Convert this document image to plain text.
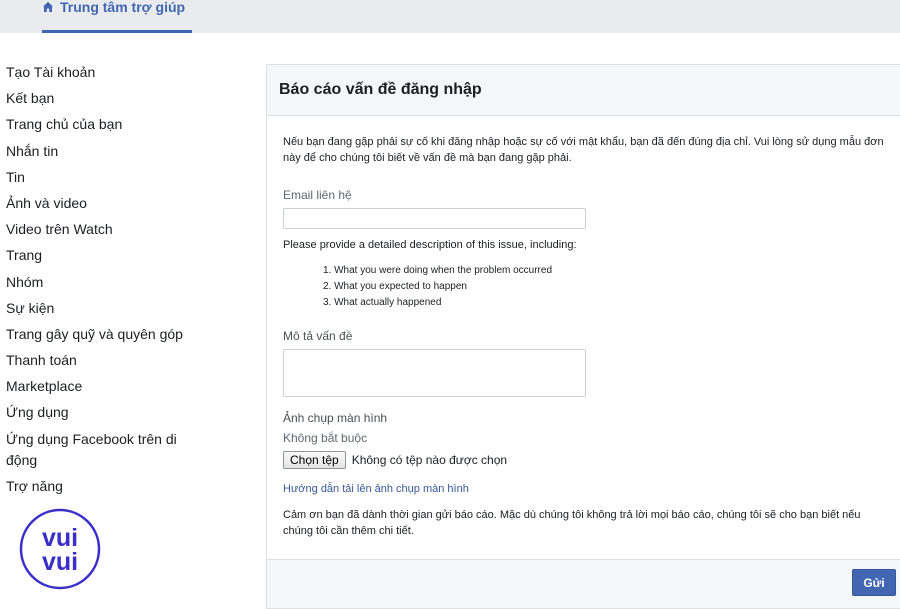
Trung tâm trợ giúp
Tạo Tài khoản
Kết bạn
Trang chủ của bạn
Nhắn tin
Tin
Ảnh và video
Video trên Watch
Trang
Nhóm
Sự kiện
Trang gây quỹ và quyên góp
Thanh toán
Marketplace
Ứng dụng
Ứng dụng Facebook trên di động
Trợ năng
vui
vui
Báo cáo vấn đề đăng nhập

Nếu bạn đang gặp phải sự cố khi đăng nhập hoặc sự cố với mật khẩu, bạn đã đến đúng địa chỉ. Vui lòng sử dụng mẫu đơn này để cho chúng tôi biết về vấn đề mà bạn đang gặp phải.

Email liên hệ

Please provide a detailed description of this issue, including:

1. What you were doing when the problem occurred
2. What you expected to happen
3. What actually happened

Mô tả vấn đề

Ảnh chụp màn hình

Không bắt buộc

Chọn tệp	Không có tệp nào được chọn
Hướng dẫn tải lên ảnh chụp màn hình

Cảm ơn bạn đã dành thời gian gửi báo cáo. Mặc dù chúng tôi không trả lời mọi báo cáo, chúng tôi sẽ cho bạn biết nếu chúng tôi cần thêm chi tiết.

Gửi
